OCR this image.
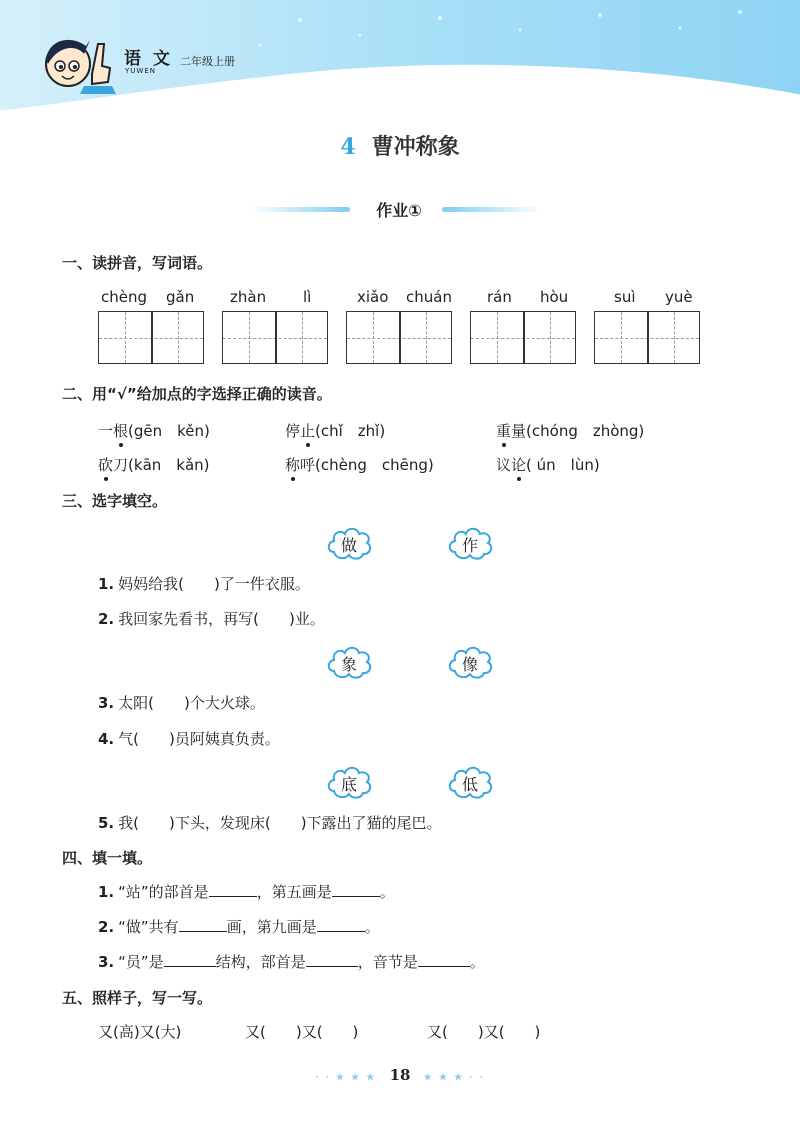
语 文
YUWEN
二年级上册
4 曹冲称象
作业①
一、读拼音，写词语。
chèng gǎn zhàn lì	xiǎo chuán rán hòu	suì yuè
二、用“√”给加点的字选择正确的读音。
一根(gēn　kěn)	停止(chǐ　zhǐ)	重量(chóng　zhòng)
砍刀(kān　kǎn)	称呼(chèng　chēng)	议论( ún　lùn)
三、选字填空。
做	作
1. 妈妈给我(　　)了一件衣服。
2. 我回家先看书，再写(　　)业。
象	像
3. 太阳(　　)个大火球。
4. 气(　　)员阿姨真负责。
底	低
5. 我(　　)下头，发现床(　　)下露出了猫的尾巴。
四、填一填。
1. “站”的部首是	，第五画是	。
2. “做”共有	画，第九画是	。
3. “员”是	结构，部首是	，音节是	。
五、照样子，写一写。
又(高)又(大)	又(　　)又(　　)	又(　　)又(　　)
· · ★ ★ ★ 18 ★ ★ ★ · ·
